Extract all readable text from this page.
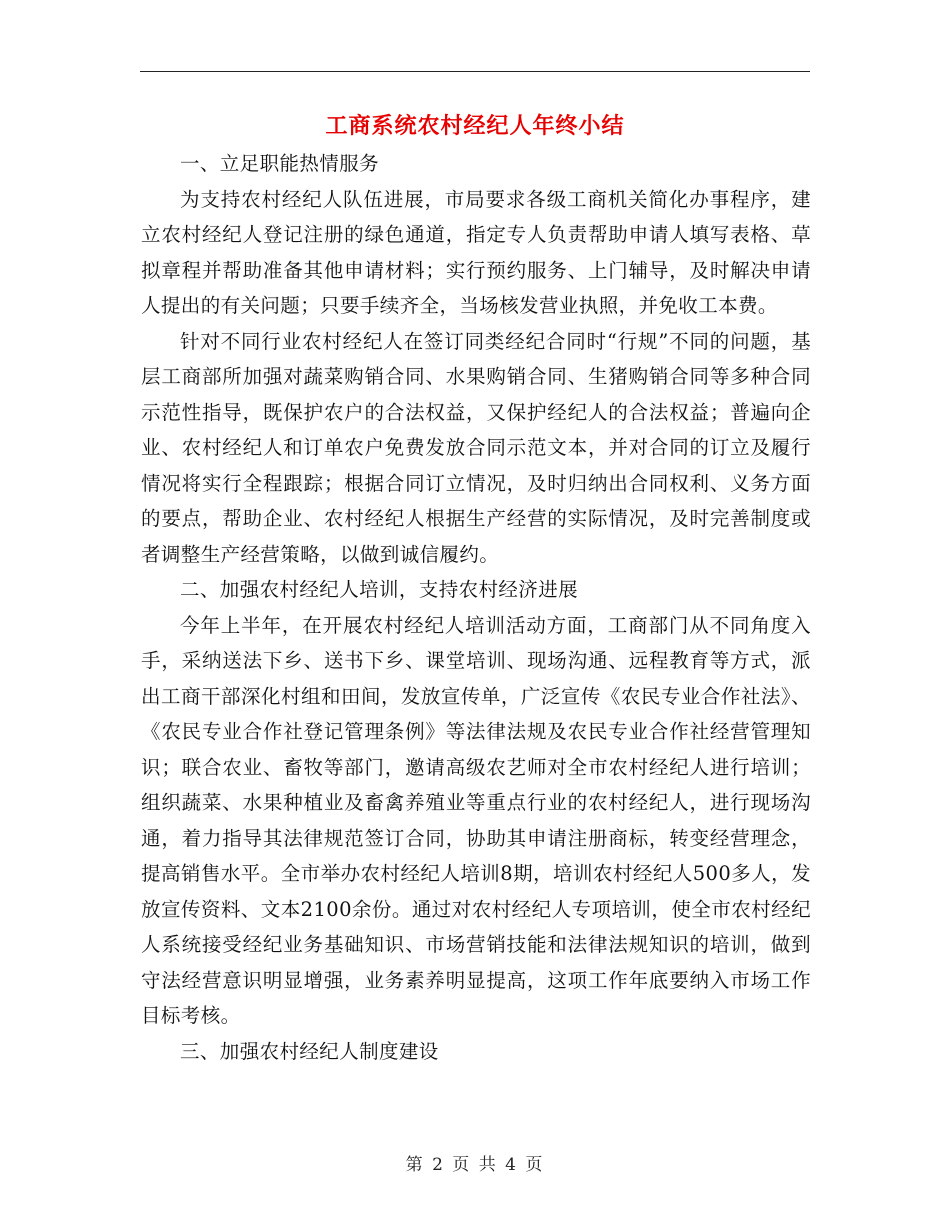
工商系统农村经纪人年终小结

一、立足职能热情服务

为支持农村经纪人队伍进展，市局要求各级工商机关简化办事程序，建立农村经纪人登记注册的绿色通道，指定专人负责帮助申请人填写表格、草拟章程并帮助准备其他申请材料；实行预约服务、上门辅导，及时解决申请人提出的有关问题；只要手续齐全，当场核发营业执照，并免收工本费。

针对不同行业农村经纪人在签订同类经纪合同时“行规”不同的问题，基层工商部所加强对蔬菜购销合同、水果购销合同、生猪购销合同等多种合同示范性指导，既保护农户的合法权益，又保护经纪人的合法权益；普遍向企业、农村经纪人和订单农户免费发放合同示范文本，并对合同的订立及履行情况将实行全程跟踪；根据合同订立情况，及时归纳出合同权利、义务方面的要点，帮助企业、农村经纪人根据生产经营的实际情况，及时完善制度或者调整生产经营策略，以做到诚信履约。

二、加强农村经纪人培训，支持农村经济进展

今年上半年，在开展农村经纪人培训活动方面，工商部门从不同角度入手，采纳送法下乡、送书下乡、课堂培训、现场沟通、远程教育等方式，派出工商干部深化村组和田间，发放宣传单，广泛宣传《农民专业合作社法》、《农民专业合作社登记管理条例》等法律法规及农民专业合作社经营管理知识；联合农业、畜牧等部门，邀请高级农艺师对全市农村经纪人进行培训；组织蔬菜、水果种植业及畜禽养殖业等重点行业的农村经纪人，进行现场沟通，着力指导其法律规范签订合同，协助其申请注册商标，转变经营理念，提高销售水平。全市举办农村经纪人培训8期，培训农村经纪人500多人，发放宣传资料、文本2100余份。通过对农村经纪人专项培训，使全市农村经纪人系统接受经纪业务基础知识、市场营销技能和法律法规知识的培训，做到守法经营意识明显增强，业务素养明显提高，这项工作年底要纳入市场工作目标考核。

三、加强农村经纪人制度建设

第 2 页 共 4 页
